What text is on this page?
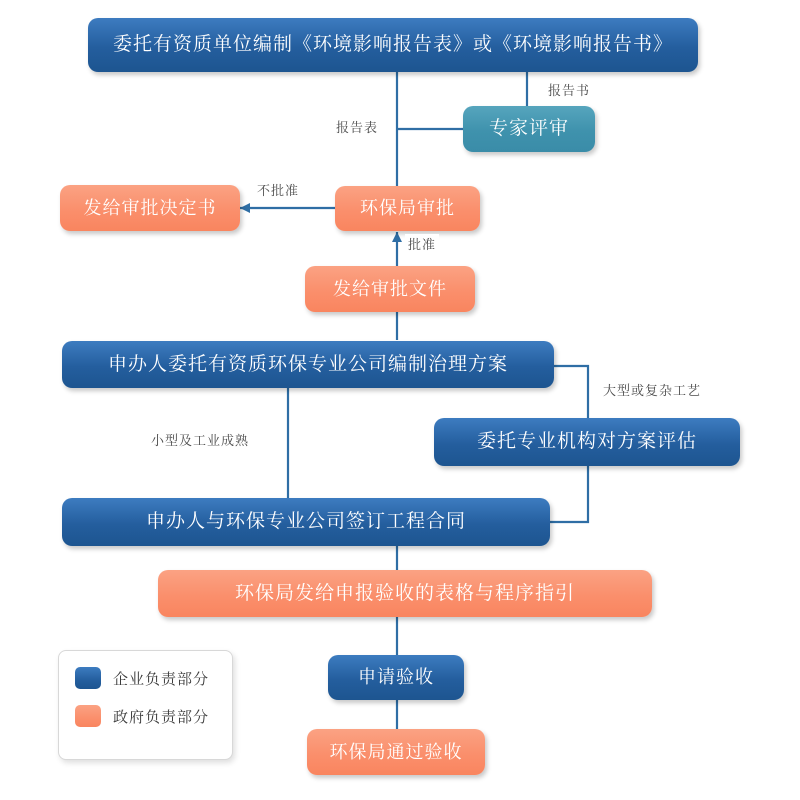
委托有资质单位编制《环境影响报告表》或《环境影响报告书》
专家评审
环保局审批
发给审批决定书
发给审批文件
申办人委托有资质环保专业公司编制治理方案
委托专业机构对方案评估
申办人与环保专业公司签订工程合同
环保局发给申报验收的表格与程序指引
申请验收
环保局通过验收
报告书
报告表
不批准
批准
大型或复杂工艺
小型及工业成熟
企业负责部分
政府负责部分
